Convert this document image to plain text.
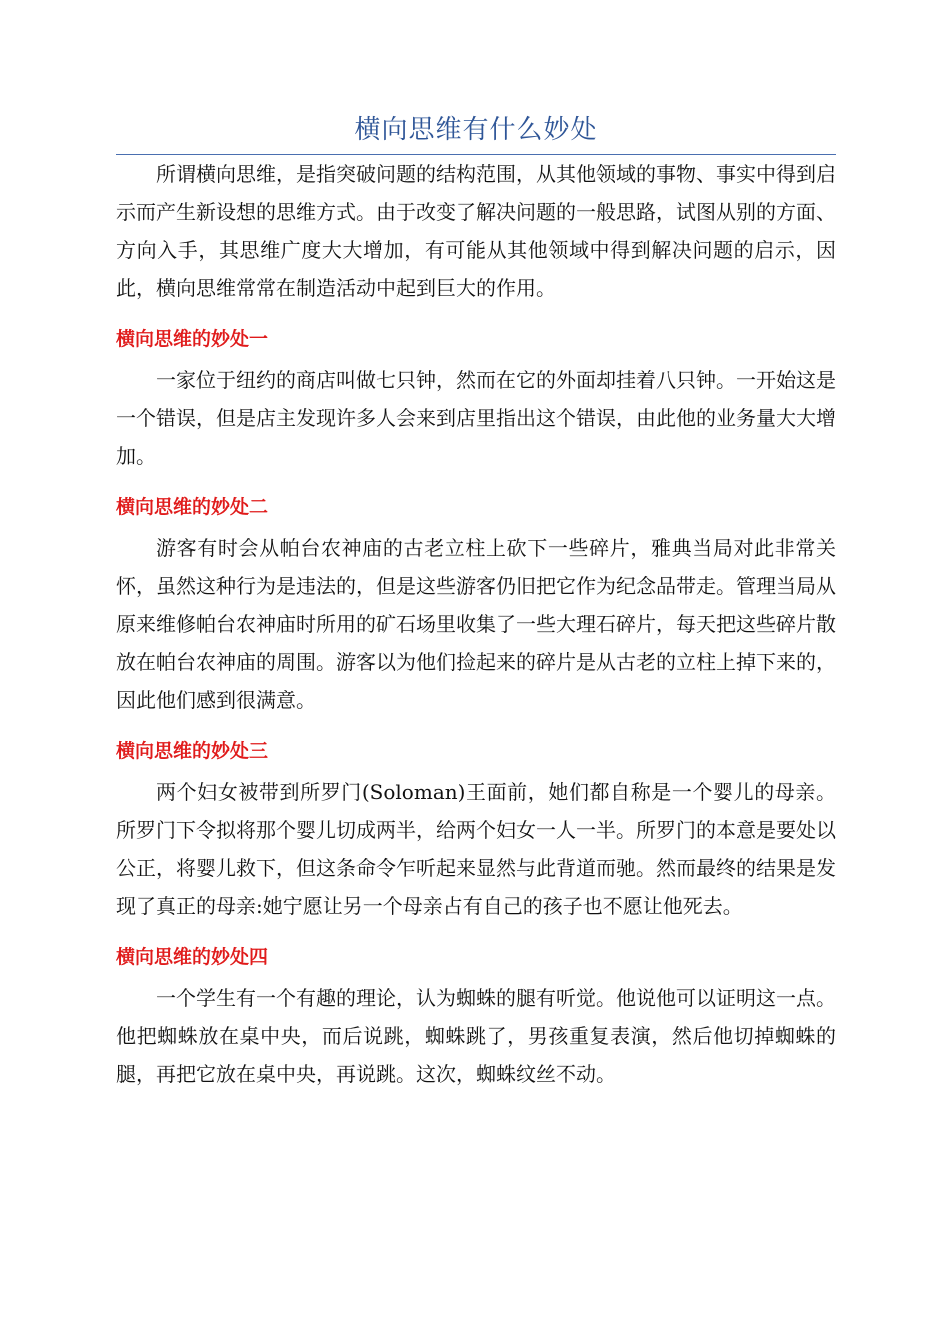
横向思维有什么妙处

所谓横向思维，是指突破问题的结构范围，从其他领域的事物、事实中得到启示而产生新设想的思维方式。由于改变了解决问题的一般思路，试图从别的方面、方向入手，其思维广度大大增加，有可能从其他领域中得到解决问题的启示，因此，横向思维常常在制造活动中起到巨大的作用。

横向思维的妙处一

一家位于纽约的商店叫做七只钟，然而在它的外面却挂着八只钟。一开始这是一个错误，但是店主发现许多人会来到店里指出这个错误，由此他的业务量大大增加。

横向思维的妙处二

游客有时会从帕台农神庙的古老立柱上砍下一些碎片，雅典当局对此非常关怀，虽然这种行为是违法的，但是这些游客仍旧把它作为纪念品带走。管理当局从原来维修帕台农神庙时所用的矿石场里收集了一些大理石碎片，每天把这些碎片散放在帕台农神庙的周围。游客以为他们捡起来的碎片是从古老的立柱上掉下来的，因此他们感到很满意。

横向思维的妙处三

两个妇女被带到所罗门(Soloman)王面前，她们都自称是一个婴儿的母亲。所罗门下令拟将那个婴儿切成两半，给两个妇女一人一半。所罗门的本意是要处以公正，将婴儿救下，但这条命令乍听起来显然与此背道而驰。然而最终的结果是发现了真正的母亲:她宁愿让另一个母亲占有自己的孩子也不愿让他死去。

横向思维的妙处四

一个学生有一个有趣的理论，认为蜘蛛的腿有听觉。他说他可以证明这一点。他把蜘蛛放在桌中央，而后说跳，蜘蛛跳了，男孩重复表演，然后他切掉蜘蛛的腿，再把它放在桌中央，再说跳。这次，蜘蛛纹丝不动。
